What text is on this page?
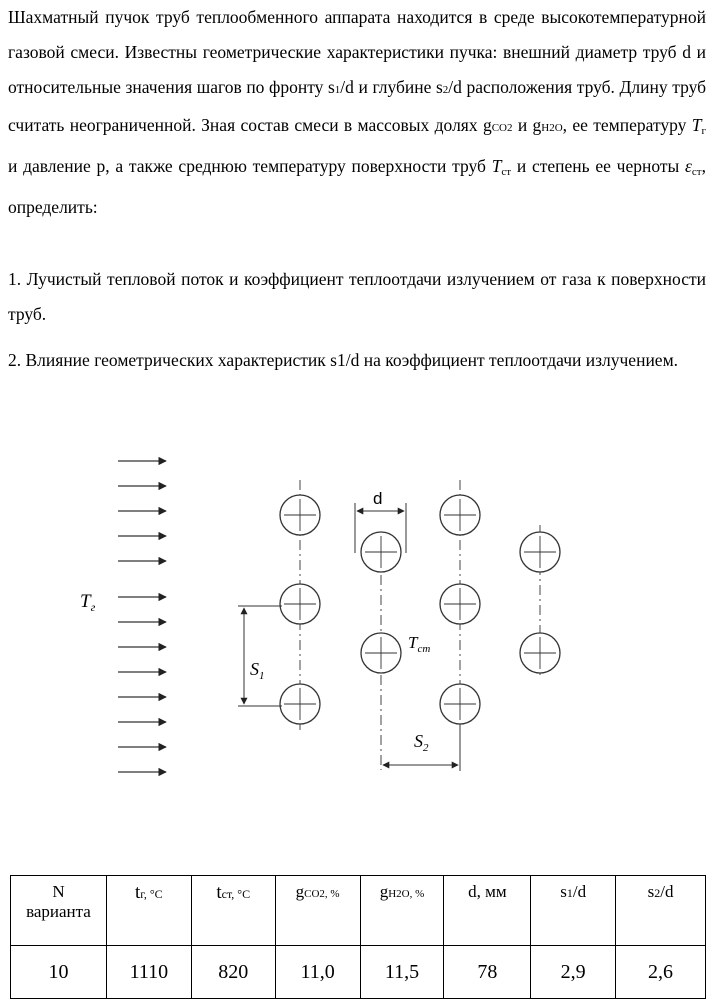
Шахматный пучок труб теплообменного аппарата находится в среде высокотемпературной газовой смеси. Известны геометрические характеристики пучка: внешний диаметр труб d и относительные значения шагов по фронту s1/d и глубине s2/d расположения труб. Длину труб считать неограниченной. Зная состав смеси в массовых долях gCO2 и gH2O, ее температуру $T_г$ и давление p, а также среднюю температуру поверхности труб $T_{ст}$ и степень ее черноты $\varepsilon_{ст}$, определить:

1. Лучистый тепловой поток и коэффициент теплоотдачи излучением от газа к поверхности труб.

2. Влияние геометрических характеристик s1/d на коэффициент теплоотдачи излучением.

$T_г$
d
$S_1$
$S_2$
$T_{cm}$
N
варианта	tг, °С	tст, °С	gCO2, %	gH2O, %	d, мм	s1/d	s2/d
10	1110	820	11,0	11,5	78	2,9	2,6
